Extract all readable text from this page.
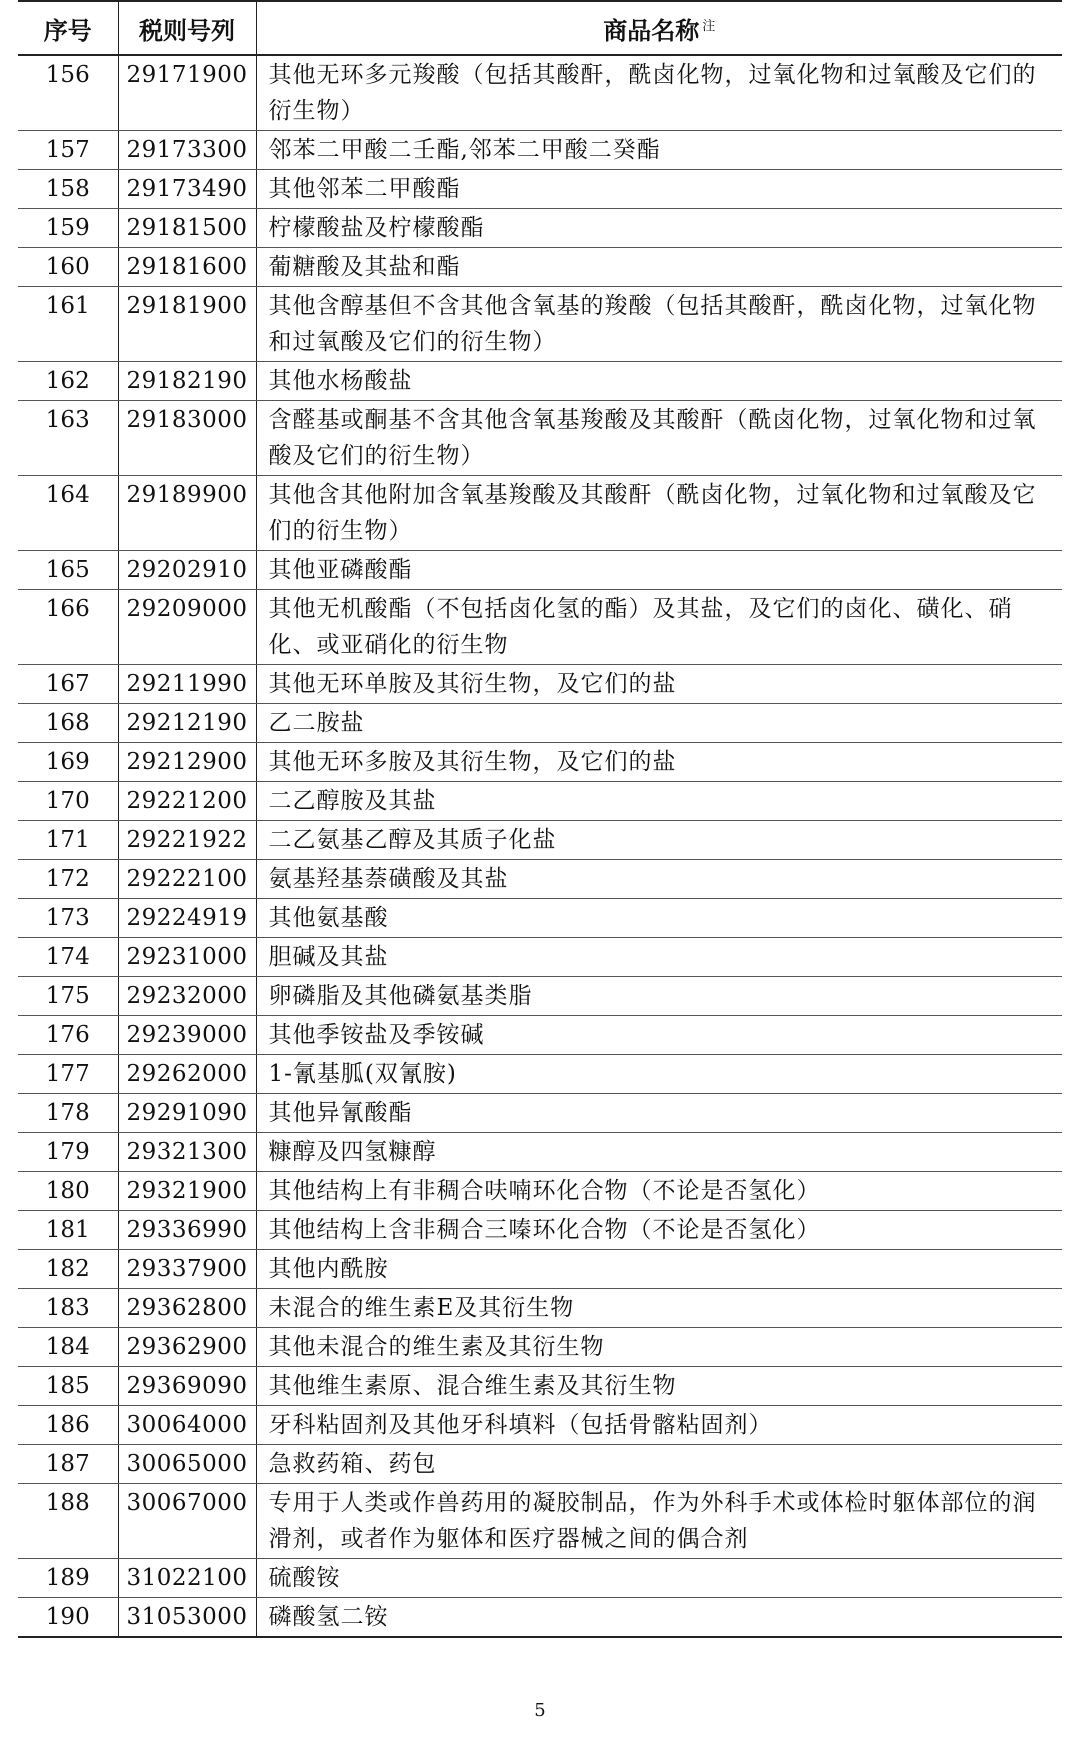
序号	税则号列	商品名称 $^注$
156	29171900	其他无环多元羧酸（包括其酸酐，酰卤化物，过氧化物和过氧酸及它们的衍生物）
157	29173300	邻苯二甲酸二壬酯,邻苯二甲酸二癸酯
158	29173490	其他邻苯二甲酸酯
159	29181500	柠檬酸盐及柠檬酸酯
160	29181600	葡糖酸及其盐和酯
161	29181900	其他含醇基但不含其他含氧基的羧酸（包括其酸酐，酰卤化物，过氧化物和过氧酸及它们的衍生物）
162	29182190	其他水杨酸盐
163	29183000	含醛基或酮基不含其他含氧基羧酸及其酸酐（酰卤化物，过氧化物和过氧酸及它们的衍生物）
164	29189900	其他含其他附加含氧基羧酸及其酸酐（酰卤化物，过氧化物和过氧酸及它们的衍生物）
165	29202910	其他亚磷酸酯
166	29209000	其他无机酸酯（不包括卤化氢的酯）及其盐，及它们的卤化、磺化、硝化、或亚硝化的衍生物
167	29211990	其他无环单胺及其衍生物，及它们的盐
168	29212190	乙二胺盐
169	29212900	其他无环多胺及其衍生物，及它们的盐
170	29221200	二乙醇胺及其盐
171	29221922	二乙氨基乙醇及其质子化盐
172	29222100	氨基羟基萘磺酸及其盐
173	29224919	其他氨基酸
174	29231000	胆碱及其盐
175	29232000	卵磷脂及其他磷氨基类脂
176	29239000	其他季铵盐及季铵碱
177	29262000	1-氰基胍(双氰胺)
178	29291090	其他异氰酸酯
179	29321300	糠醇及四氢糠醇
180	29321900	其他结构上有非稠合呋喃环化合物（不论是否氢化）
181	29336990	其他结构上含非稠合三嗪环化合物（不论是否氢化）
182	29337900	其他内酰胺
183	29362800	未混合的维生素E及其衍生物
184	29362900	其他未混合的维生素及其衍生物
185	29369090	其他维生素原、混合维生素及其衍生物
186	30064000	牙科粘固剂及其他牙科填料（包括骨髂粘固剂）
187	30065000	急救药箱、药包
188	30067000	专用于人类或作兽药用的凝胶制品，作为外科手术或体检时躯体部位的润滑剂，或者作为躯体和医疗器械之间的偶合剂
189	31022100	硫酸铵
190	31053000	磷酸氢二铵
5
